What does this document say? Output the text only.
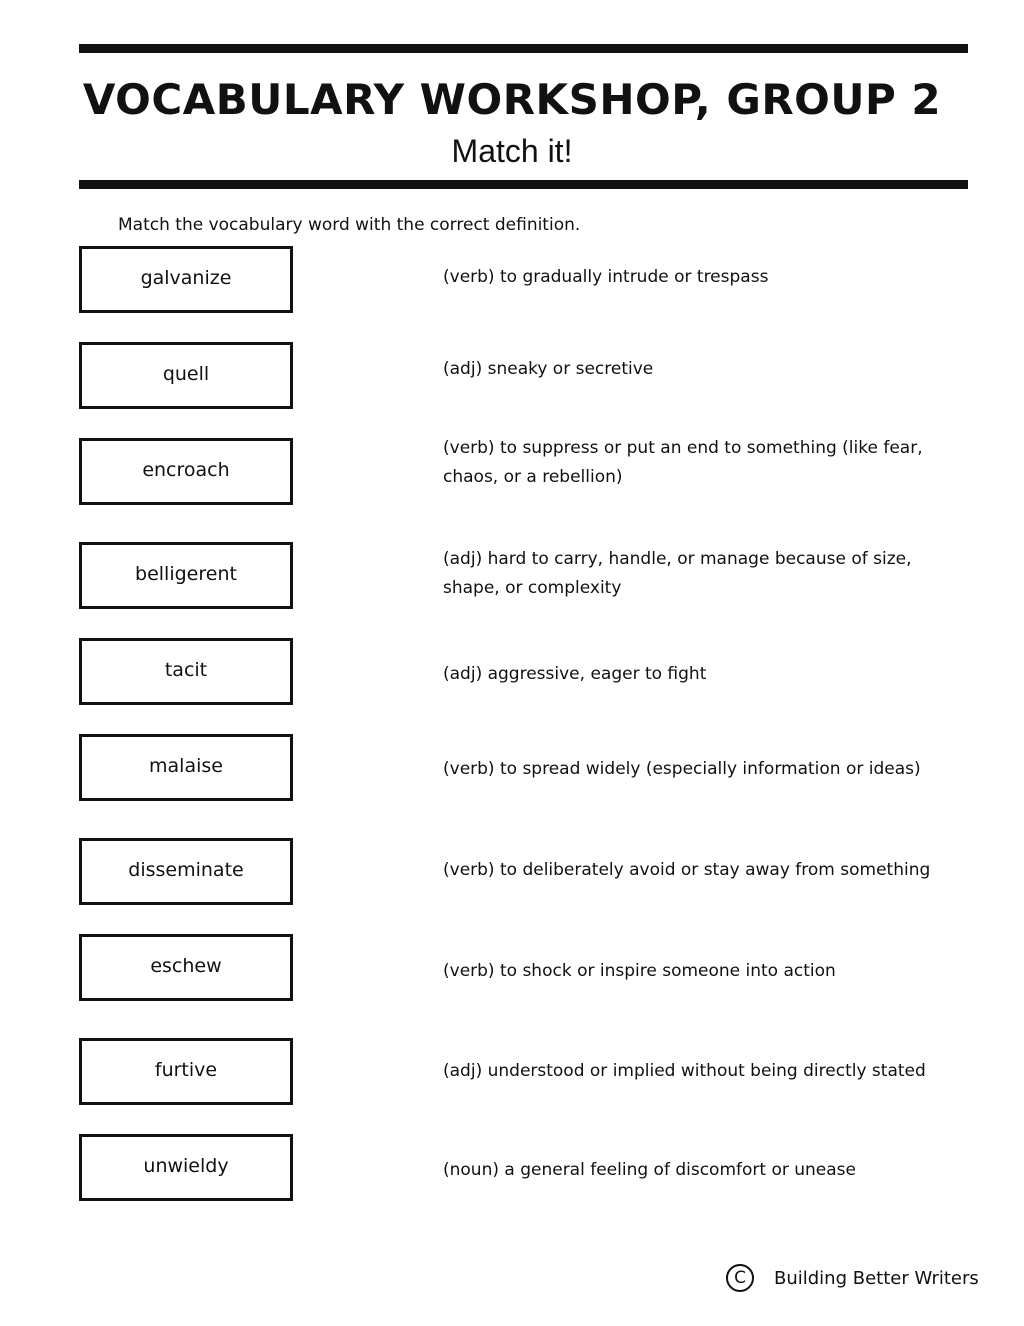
VOCABULARY WORKSHOP, GROUP 2
Match it!
Match the vocabulary word with the correct definition.
galvanize
quell
encroach
belligerent
tacit
malaise
disseminate
eschew
furtive
unwieldy
(verb) to gradually intrude or trespass
(adj) sneaky or secretive
(verb) to suppress or put an end to something (like fear, chaos, or a rebellion)
(adj) hard to carry, handle, or manage because of size, shape, or complexity
(adj) aggressive, eager to fight
(verb) to spread widely (especially information or ideas)
(verb) to deliberately avoid or stay away from something
(verb) to shock or inspire someone into action
(adj) understood or implied without being directly stated
(noun) a general feeling of discomfort or unease
C	Building Better Writers
